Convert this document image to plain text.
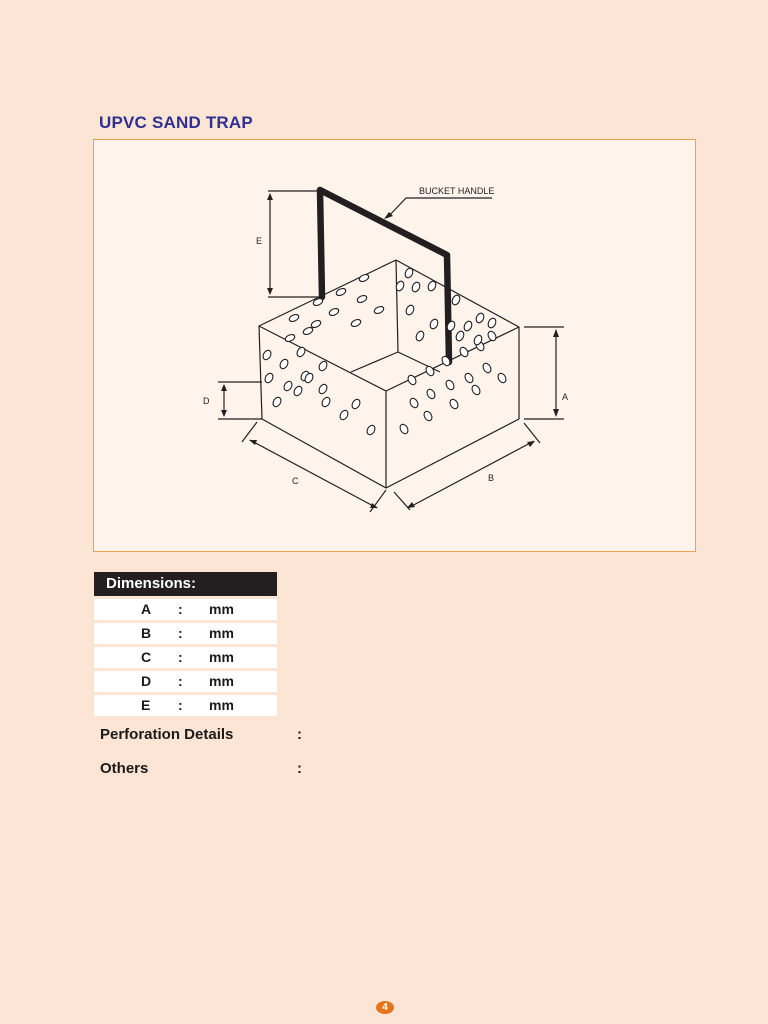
UPVC SAND TRAP
BUCKET HANDLE
A
B
C
D
E
Dimensions:
A : mm
B : mm
C : mm
D : mm
E : mm
Perforation Details	:
Others	:
4
